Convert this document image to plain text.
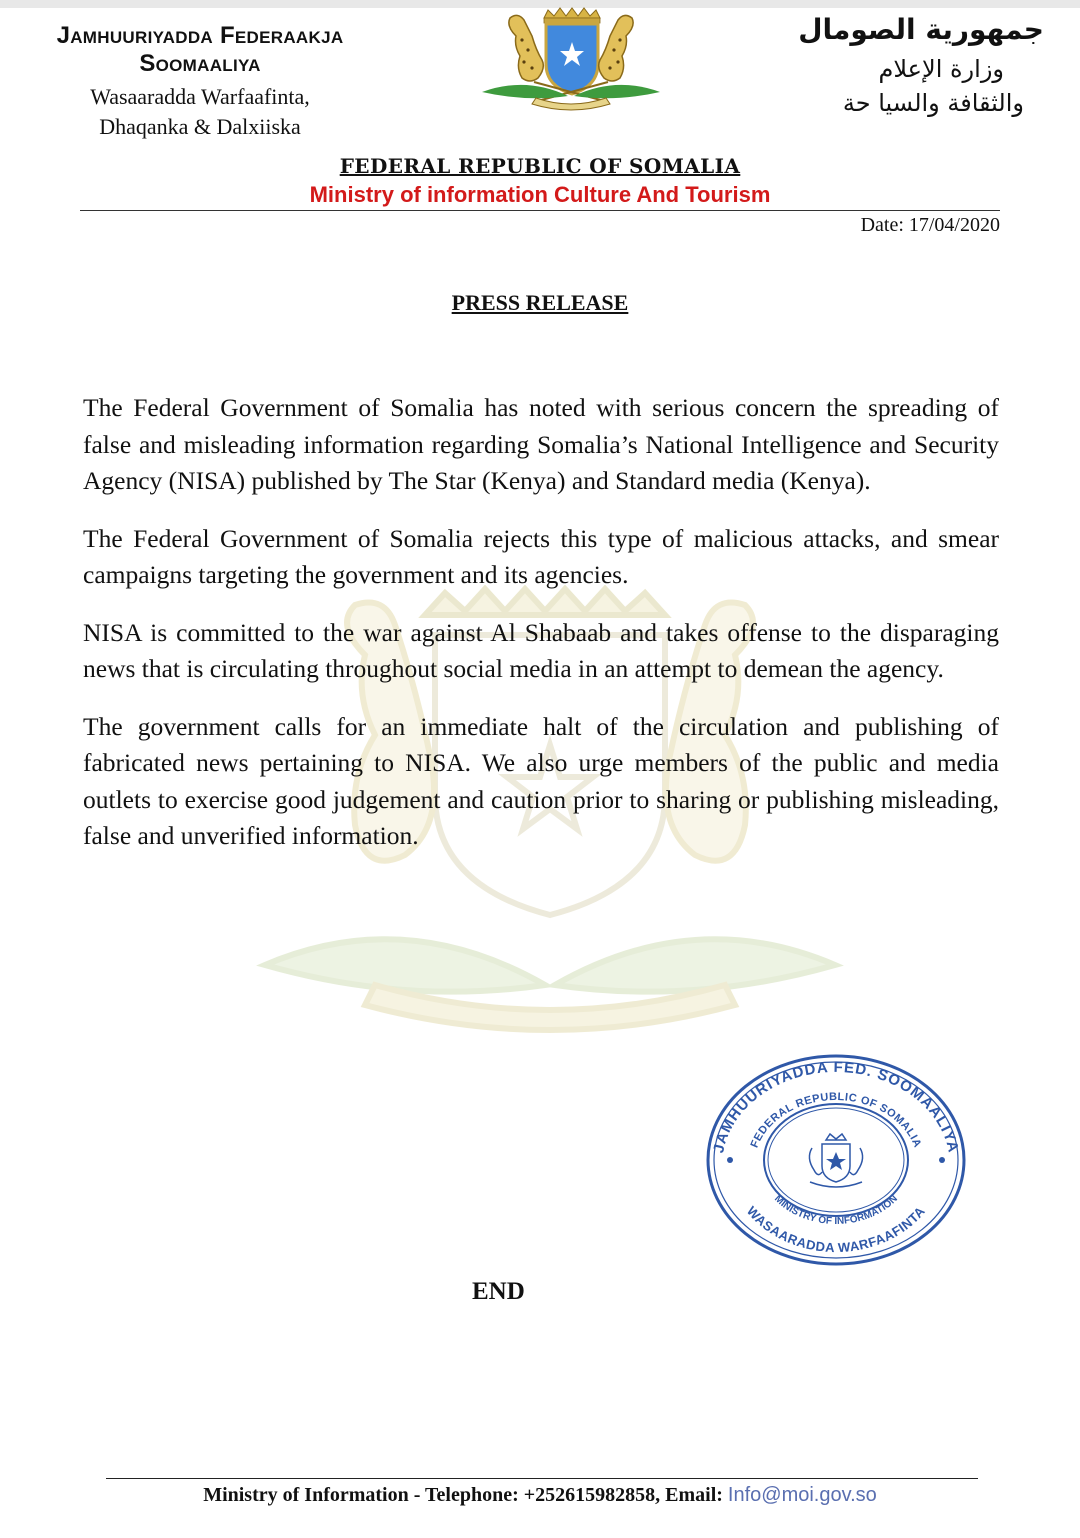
Jamhuuriyadda Federaakja

Soomaaliya

Wasaaradda Warfaafinta,

Dhaqanka & Dalxiiska

جمهورية الصومال
وزارة الإعلام
والثقافة والسيا حة
FEDERAL REPUBLIC OF SOMALIA
Ministry of information Culture And Tourism
Date: 17/04/2020
PRESS RELEASE

The Federal Government of Somalia has noted with serious concern the spreading of false and misleading information regarding Somalia’s National Intelligence and Security Agency (NISA) published by The Star (Kenya) and Standard media (Kenya).

The Federal Government of Somalia rejects this type of malicious attacks, and smear campaigns targeting the government and its agencies.

NISA is committed to the war against Al Shabaab and takes offense to the disparaging news that is circulating throughout social media in an attempt to demean the agency.

The government calls for an immediate halt of the circulation and publishing of fabricated news pertaining to NISA. We also urge members of the public and media outlets to exercise good judgement and caution prior to sharing or publishing misleading, false and unverified information.

JAMHUURIYADDA FED. SOOMAALIYA
FEDERAL REPUBLIC OF SOMALIA
MINISTRY OF INFORMATION
WASAARADDA WARFAAFINTA
END
Ministry of Information - Telephone: +252615982858, Email: Info@moi.gov.so
